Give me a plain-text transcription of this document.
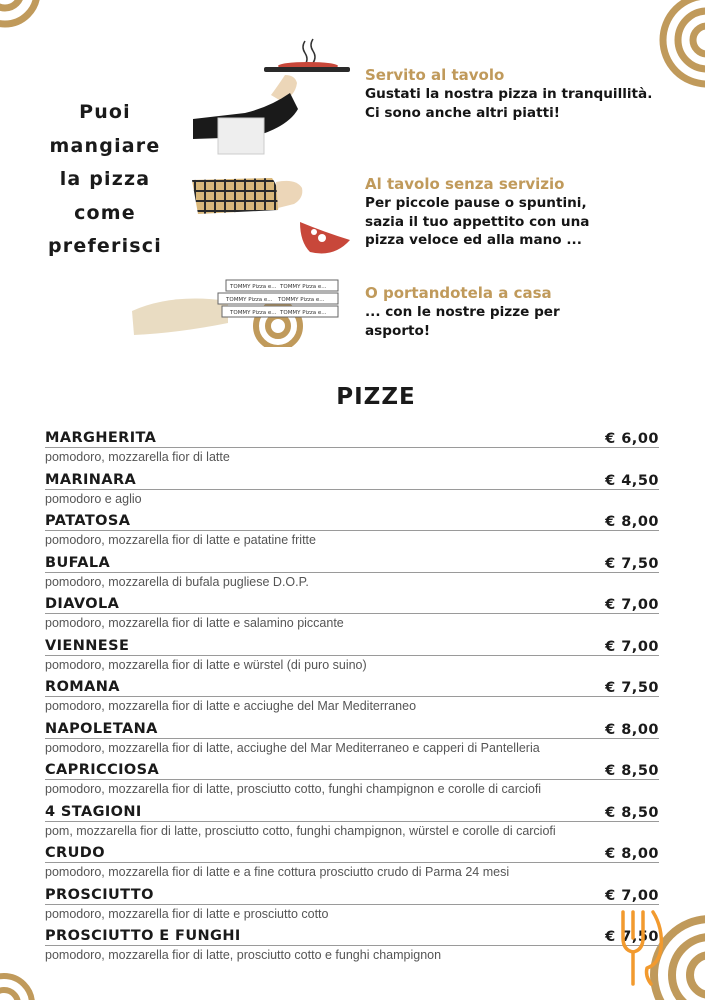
Puoi
mangiare
la pizza
come
preferisci
TOMMY Pizza e... TOMMY Pizza e...
TOMMY Pizza e... TOMMY Pizza e...
TOMMY Pizza e... TOMMY Pizza e...
Servito al tavolo
Gustati la nostra pizza in tranquillità.
Ci sono anche altri piatti!
Al tavolo senza servizio
Per piccole pause o spuntini,
sazia il tuo appettito con una
pizza veloce ed alla mano ...
O portandotela a casa
... con le nostre pizze per
asporto!
PIZZE
MARGHERITA	€ 6,00
pomodoro, mozzarella fior di latte
MARINARA	€ 4,50
pomodoro e aglio
PATATOSA	€ 8,00
pomodoro, mozzarella fior di latte e patatine fritte
BUFALA	€ 7,50
pomodoro, mozzarella di bufala pugliese D.O.P.
DIAVOLA	€ 7,00
pomodoro, mozzarella fior di latte e salamino piccante
VIENNESE	€ 7,00
pomodoro, mozzarella fior di latte e würstel (di puro suino)
ROMANA	€ 7,50
pomodoro, mozzarella fior di latte e acciughe del Mar Mediterraneo
NAPOLETANA	€ 8,00
pomodoro, mozzarella fior di latte, acciughe del Mar Mediterraneo e capperi di Pantelleria
CAPRICCIOSA	€ 8,50
pomodoro, mozzarella fior di latte, prosciutto cotto, funghi champignon e corolle di carciofi
4 STAGIONI	€ 8,50
pom, mozzarella fior di latte, prosciutto cotto, funghi champignon, würstel e corolle di carciofi
CRUDO	€ 8,00
pomodoro, mozzarella fior di latte e a fine cottura prosciutto crudo di Parma 24 mesi
PROSCIUTTO	€ 7,00
pomodoro, mozzarella fior di latte e prosciutto cotto
PROSCIUTTO E FUNGHI	€ 7,50
pomodoro, mozzarella fior di latte, prosciutto cotto e funghi champignon
